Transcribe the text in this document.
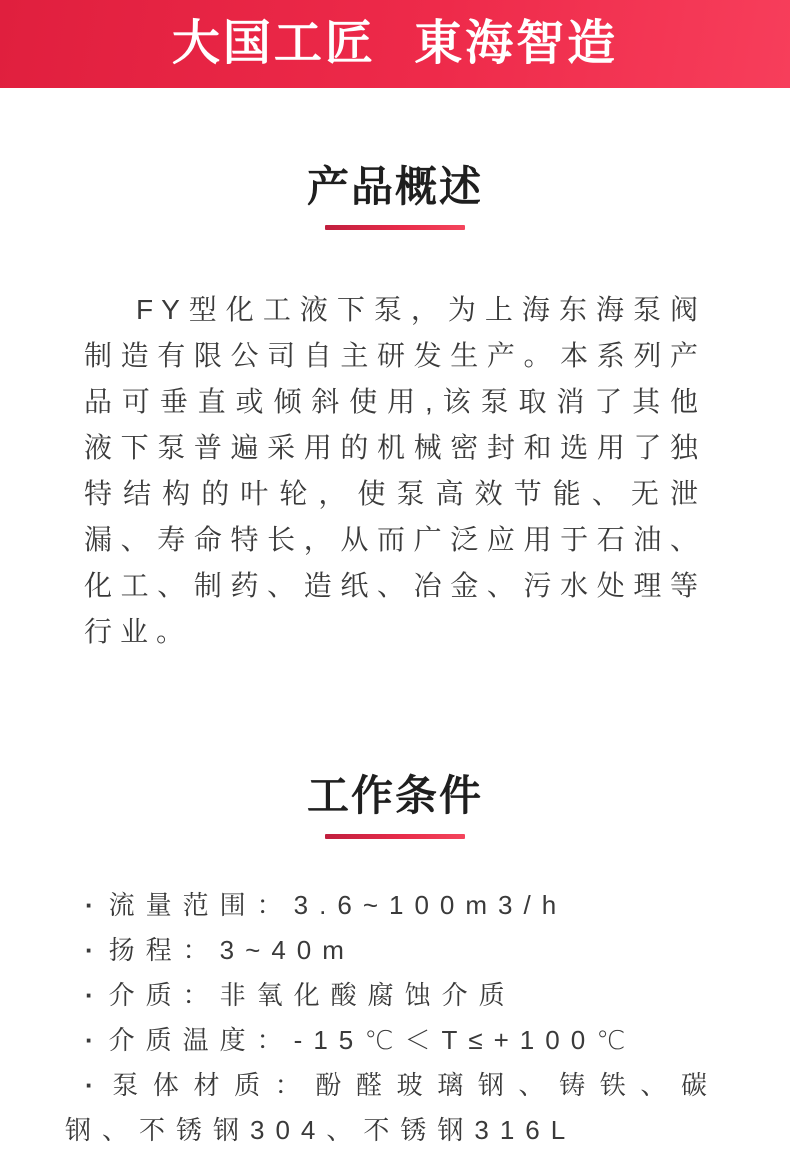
大国工匠 東海智造
产品概述

FY型化工液下泵，为上海东海泵阀制造有限公司自主研发生产。本系列产品可垂直或倾斜使用,该泵取消了其他液下泵普遍采用的机械密封和选用了独特结构的叶轮，使泵高效节能、无泄漏、寿命特长，从而广泛应用于石油、化工、制药、造纸、冶金、污水处理等行业。

工作条件
· 流量范围：3.6~100m3/h
· 扬程：3~40m
· 介质：非氧化酸腐蚀介质
· 介质温度：-15℃＜T≤+100℃
· 泵体材质：酚醛玻璃钢、铸铁、碳钢、不锈钢304、不锈钢316L
